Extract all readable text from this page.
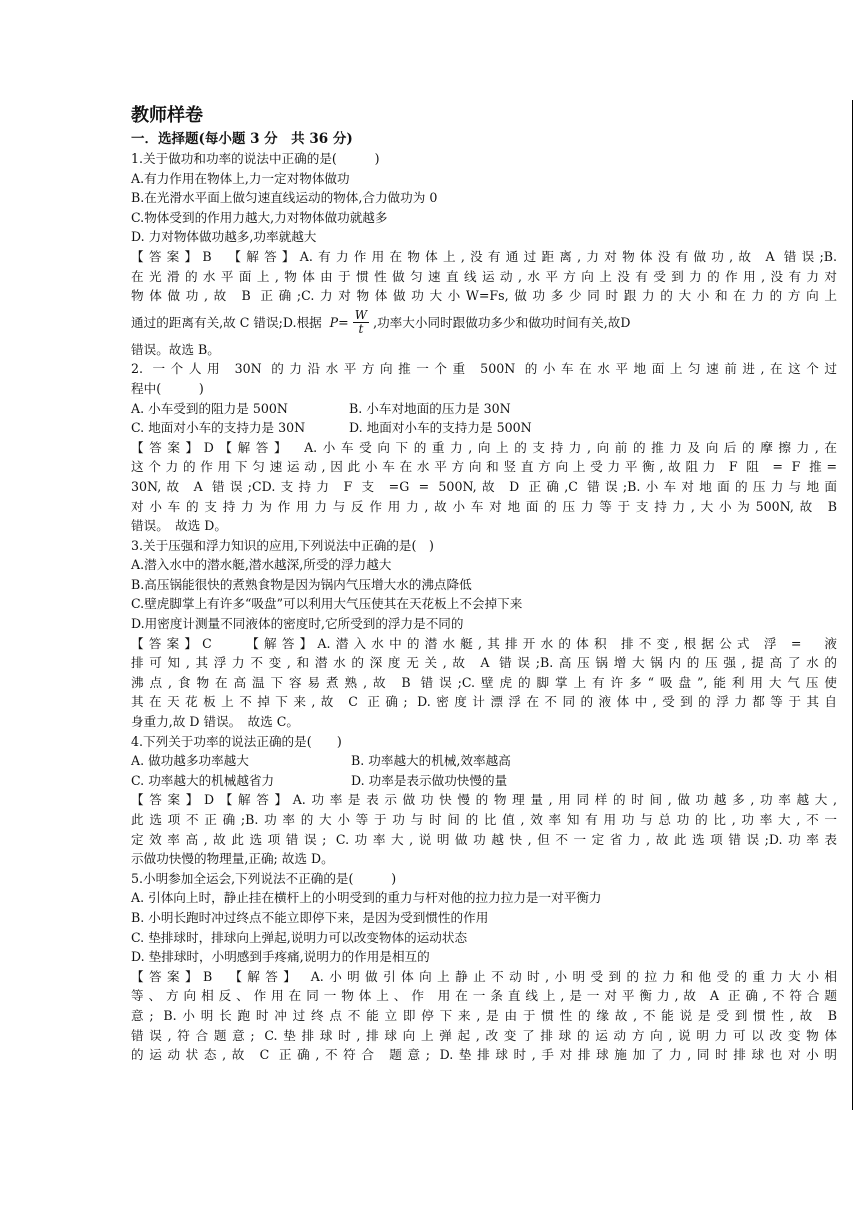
教师样卷
一．选择题(每小题 3 分　共 36 分)
1.关于做功和功率的说法中正确的是(　　　)
A.有力作用在物体上,力一定对物体做功
B.在光滑水平面上做匀速直线运动的物体,合力做功为 0
C.物体受到的作用力越大,力对物体做功就越多
D. 力对物体做功越多,功率就越大
【答案】B　【解答】A.有力作用在物体上,没有通过距离,力对物体没有做功,故 A 错误;B.
在光滑的水平面上,物体由于惯性做匀速直线运动,水平方向上没有受到力的作用,没有力对
物体做功,故 B 正确;C.力对物体做功大小W=Fs,做功多少同时跟力的大小和在力的方向上
通过的距离有关,故 C 错误;D.根据 $P = \frac{W}{t}$ ,功率大小同时跟做功多少和做功时间有关,故D
错误。故选 B。
2. 一个人用 30N 的力沿水平方向推一个重 500N 的小车在水平地面上匀速前进,在这个过
程中(　　　)
A. 小车受到的阻力是 500N	B. 小车对地面的压力是 30N
C. 地面对小车的支持力是 30N	D. 地面对小车的支持力是 500N
【答案】D【解答】　A.小车受向下的重力,向上的支持力,向前的推力及向后的摩擦力,在
这个力的作用下匀速运动,因此小车在水平方向和竖直方向上受力平衡,故阻力 F 阻 = F 推=
30N,故 A 错误;CD.支持力 F 支 =G = 500N,故 D 正确,C 错误;B.小车对地面的压力与地面
对小车的支持力为作用力与反作用力,故小车对地面的压力等于支持力,大小为500N,故 B
错误。　故选 D。
3.关于压强和浮力知识的应用,下列说法中正确的是(　)
A.潜入水中的潜水艇,潜水越深,所受的浮力越大
B.高压锅能很快的煮熟食物是因为锅内气压增大水的沸点降低
C.壁虎脚掌上有许多“吸盘”可以利用大气压使其在天花板上不会掉下来
D.用密度计测量不同液体的密度时,它所受到的浮力是不同的
【答案】C　　【解答】A.潜入水中的潜水艇,其排开水的体积 排不变,根据公式 浮 =　液
排可知,其浮力不变,和潜水的深度无关,故 A 错误;B.高压锅增大锅内的压强,提高了水的
沸点,食物在高温下容易煮熟,故 B 错误;C.壁虎的脚掌上有许多“吸盘”,能利用大气压使
其在天花板上不掉下来,故 C 正确; D.密度计漂浮在不同的液体中,受到的浮力都等于其自
身重力,故 D 错误。　故选 C。
4.下列关于功率的说法正确的是(　　)
A. 做功越多功率越大	B. 功率越大的机械,效率越高
C. 功率越大的机械越省力	D. 功率是表示做功快慢的量
【答案】D【解答】A.功率是表示做功快慢的物理量,用同样的时间,做功越多,功率越大,
此选项不正确;B.功率的大小等于功与时间的比值,效率知有用功与总功的比,功率大,不一
定效率高,故此选项错误; C.功率大,说明做功越快,但不一定省力,故此选项错误;D.功率表
示做功快慢的物理量,正确; 故选 D。
5.小明参加全运会,下列说法不正确的是(　　　)
A. 引体向上时，静止挂在横杆上的小明受到的重力与杆对他的拉力拉力是一对平衡力
B. 小明长跑时冲过终点不能立即停下来，是因为受到惯性的作用
C. 垫排球时，排球向上弹起,说明力可以改变物体的运动状态
D. 垫排球时，小明感到手疼痛,说明力的作用是相互的
【答案】B　【解答】 A.小明做引体向上静止不动时,小明受到的拉力和他受的重力大小相
等、方向相反、作用在同一物体上、作 用在一条直线上,是一对平衡力,故 A 正确,不符合题
意; B.小明长跑时冲过终点不能立即停下来,是由于惯性的缘故,不能说是受到惯性,故 B
错误,符合题意; C.垫排球时,排球向上弹起,改变了排球的运动方向,说明力可以改变物体
的运动状态,故 C 正确,不符合 题意; D.垫排球时,手对排球施加了力,同时排球也对小明
